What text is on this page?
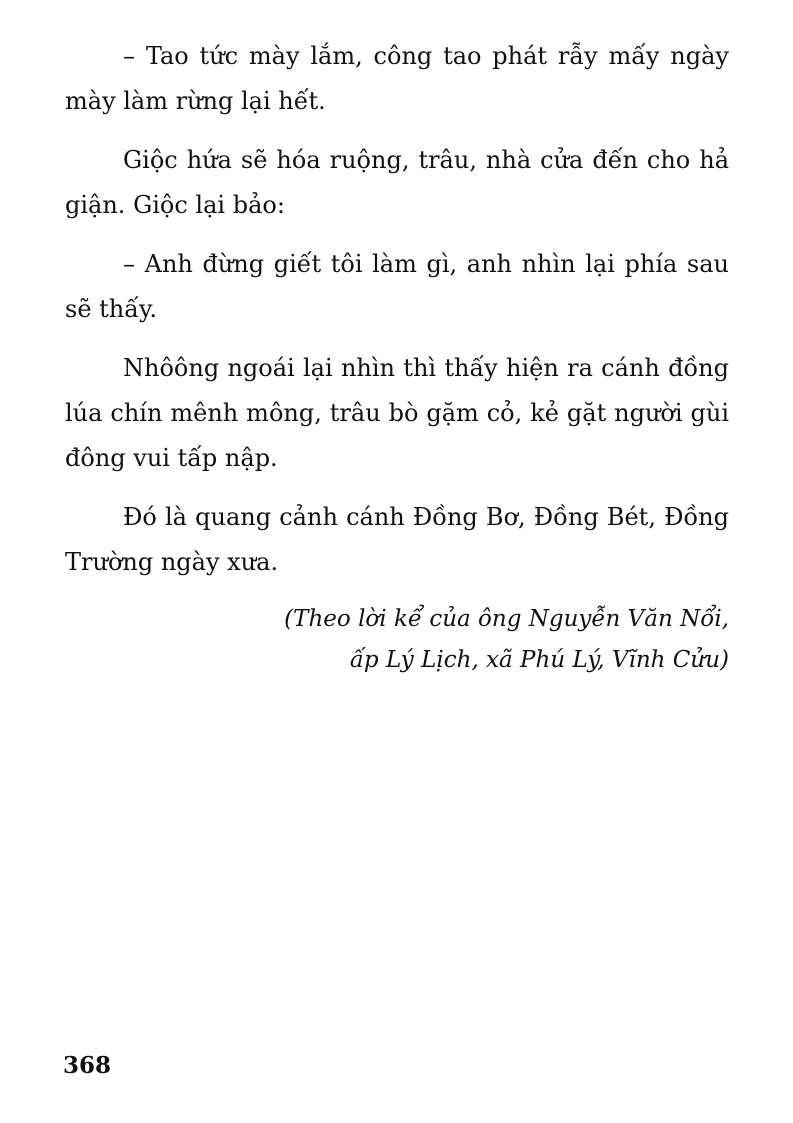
– Tao tức mày lắm, công tao phát rẫy mấy ngày mày làm rừng lại hết.

Giộc hứa sẽ hóa ruộng, trâu, nhà cửa đến cho hả giận. Giộc lại bảo:

– Anh đừng giết tôi làm gì, anh nhìn lại phía sau sẽ thấy.

Nhôông ngoái lại nhìn thì thấy hiện ra cánh đồng lúa chín mênh mông, trâu bò gặm cỏ, kẻ gặt người gùi đông vui tấp nập.

Đó là quang cảnh cánh Đồng Bơ, Đồng Bét, Đồng Trường ngày xưa.

(Theo lời kể của ông Nguyễn Văn Nổi,
ấp Lý Lịch, xã Phú Lý, Vĩnh Cửu)
368
